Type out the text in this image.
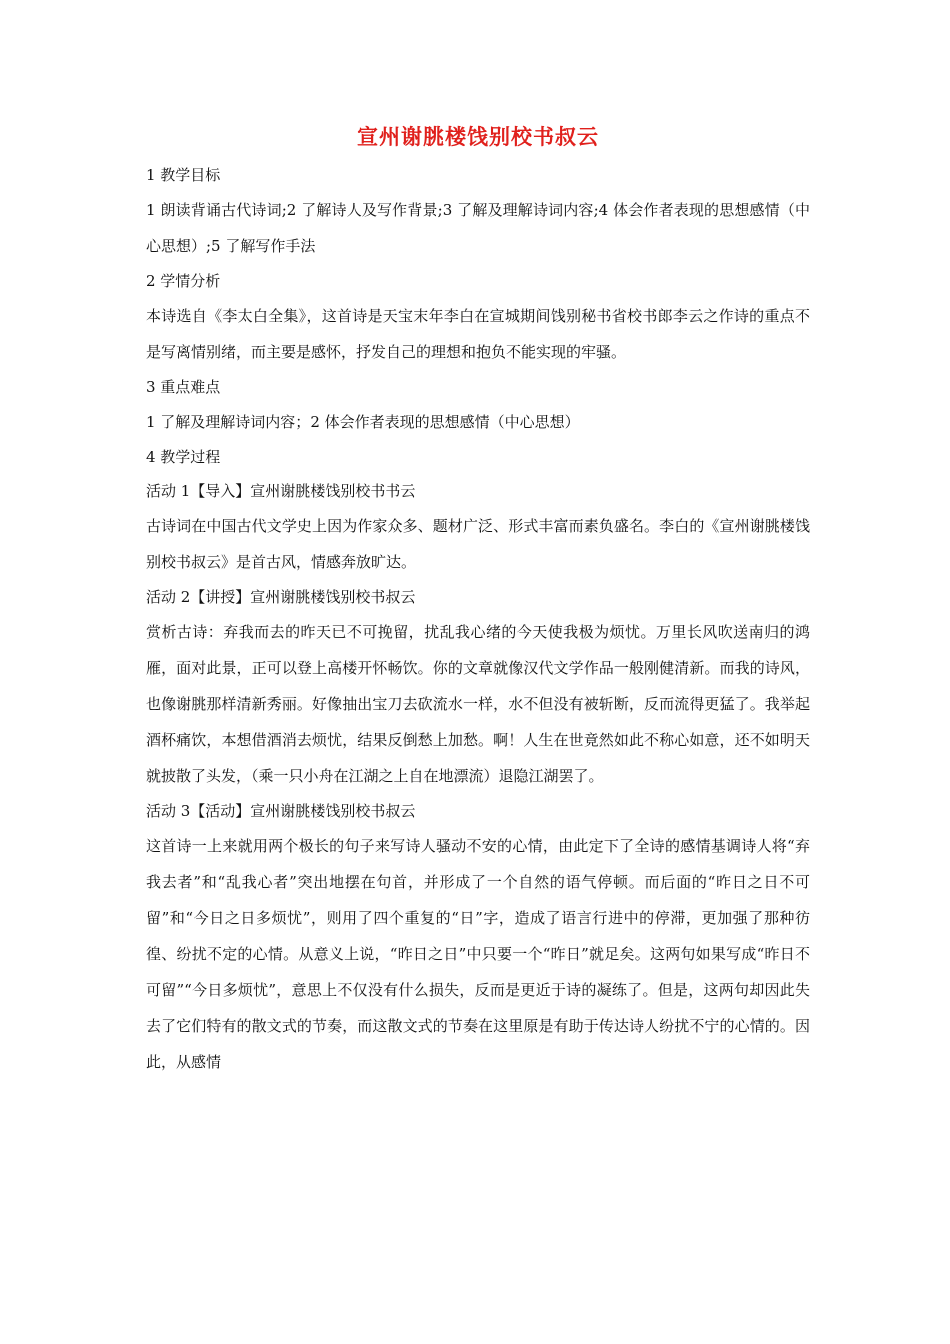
宣州谢朓楼饯别校书叔云

1 教学目标

1 朗读背诵古代诗词;2 了解诗人及写作背景;3 了解及理解诗词内容;4 体会作者表现的思想感情（中心思想）;5 了解写作手法

2 学情分析

本诗选自《李太白全集》，这首诗是天宝末年李白在宣城期间饯别秘书省校书郎李云之作诗的重点不是写离情别绪，而主要是感怀，抒发自己的理想和抱负不能实现的牢骚。

3 重点难点

1 了解及理解诗词内容；2 体会作者表现的思想感情（中心思想）

4 教学过程

活动 1【导入】宣州谢朓楼饯别校书书云

古诗词在中国古代文学史上因为作家众多、题材广泛、形式丰富而素负盛名。李白的《宣州谢朓楼饯别校书叔云》是首古风，情感奔放旷达。

活动 2【讲授】宣州谢朓楼饯别校书叔云

赏析古诗：弃我而去的昨天已不可挽留，扰乱我心绪的今天使我极为烦忧。万里长风吹送南归的鸿雁，面对此景，正可以登上高楼开怀畅饮。你的文章就像汉代文学作品一般刚健清新。而我的诗风，也像谢朓那样清新秀丽。好像抽出宝刀去砍流水一样，水不但没有被斩断，反而流得更猛了。我举起酒杯痛饮，本想借酒消去烦忧，结果反倒愁上加愁。啊！人生在世竟然如此不称心如意，还不如明天就披散了头发，（乘一只小舟在江湖之上自在地漂流）退隐江湖罢了。

活动 3【活动】宣州谢朓楼饯别校书叔云

这首诗一上来就用两个极长的句子来写诗人骚动不安的心情，由此定下了全诗的感情基调诗人将“弃我去者”和“乱我心者”突出地摆在句首，并形成了一个自然的语气停顿。而后面的“昨日之日不可留”和“今日之日多烦忧”，则用了四个重复的“日”字，造成了语言行进中的停滞，更加强了那种彷徨、纷扰不定的心情。从意义上说，“昨日之日”中只要一个“昨日”就足矣。这两句如果写成“昨日不可留”“今日多烦忧”，意思上不仅没有什么损失，反而是更近于诗的凝练了。但是，这两句却因此失去了它们特有的散文式的节奏，而这散文式的节奏在这里原是有助于传达诗人纷扰不宁的心情的。因此，从感情
